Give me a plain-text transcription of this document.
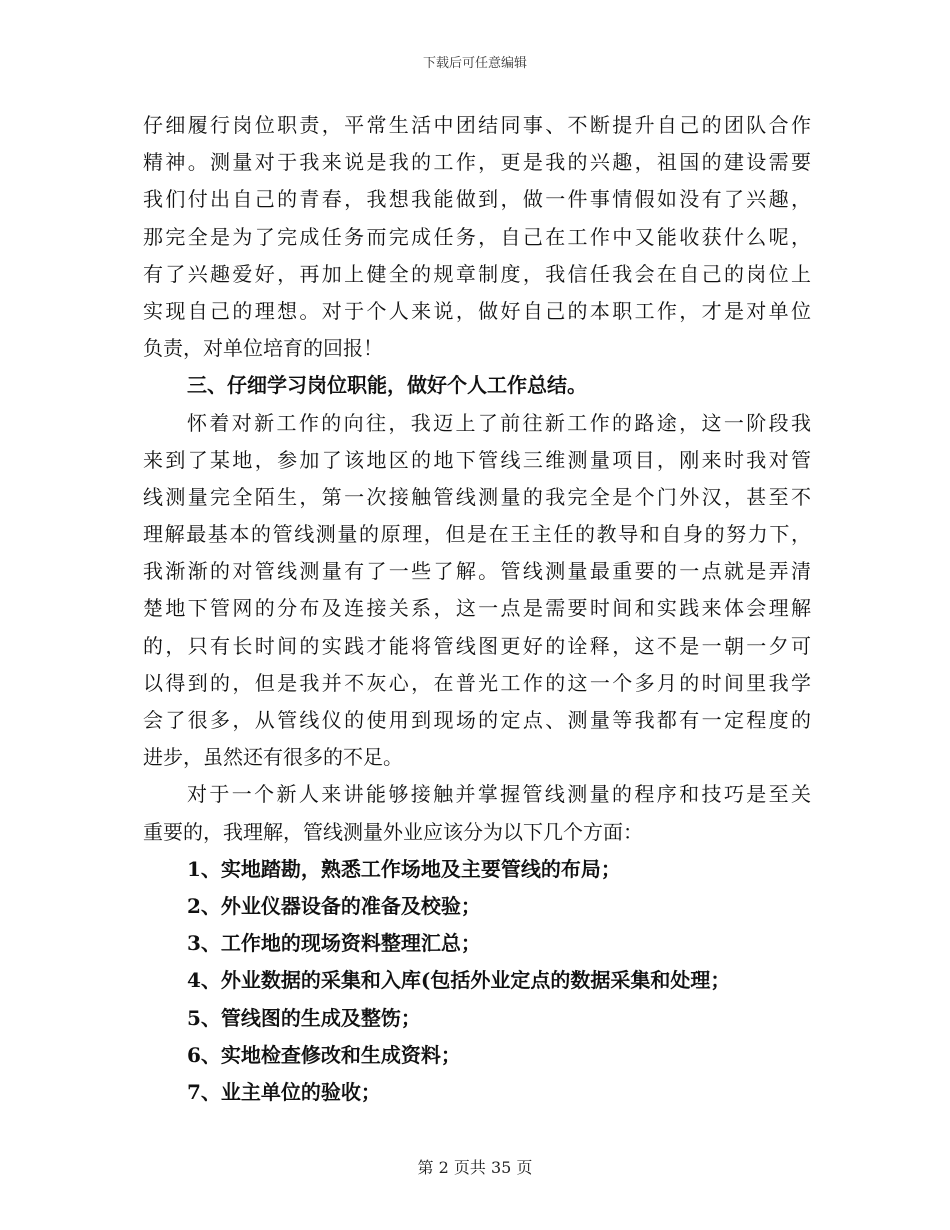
下载后可任意编辑
仔细履行岗位职责，平常生活中团结同事、不断提升自己的团队合作
精神。测量对于我来说是我的工作，更是我的兴趣，祖国的建设需要
我们付出自己的青春，我想我能做到，做一件事情假如没有了兴趣，
那完全是为了完成任务而完成任务，自己在工作中又能收获什么呢，
有了兴趣爱好，再加上健全的规章制度，我信任我会在自己的岗位上
实现自己的理想。对于个人来说，做好自己的本职工作，才是对单位
负责，对单位培育的回报！
三、仔细学习岗位职能，做好个人工作总结。
怀着对新工作的向往，我迈上了前往新工作的路途，这一阶段我
来到了某地，参加了该地区的地下管线三维测量项目，刚来时我对管
线测量完全陌生，第一次接触管线测量的我完全是个门外汉，甚至不
理解最基本的管线测量的原理，但是在王主任的教导和自身的努力下，
我渐渐的对管线测量有了一些了解。管线测量最重要的一点就是弄清
楚地下管网的分布及连接关系，这一点是需要时间和实践来体会理解
的，只有长时间的实践才能将管线图更好的诠释，这不是一朝一夕可
以得到的，但是我并不灰心，在普光工作的这一个多月的时间里我学
会了很多，从管线仪的使用到现场的定点、测量等我都有一定程度的
进步，虽然还有很多的不足。
对于一个新人来讲能够接触并掌握管线测量的程序和技巧是至关
重要的，我理解，管线测量外业应该分为以下几个方面：
1、实地踏勘，熟悉工作场地及主要管线的布局；
2、外业仪器设备的准备及校验；
3、工作地的现场资料整理汇总；
4、外业数据的采集和入库(包括外业定点的数据采集和处理；
5、管线图的生成及整饬；
6、实地检查修改和生成资料；
7、业主单位的验收；
第 2 页共 35 页
